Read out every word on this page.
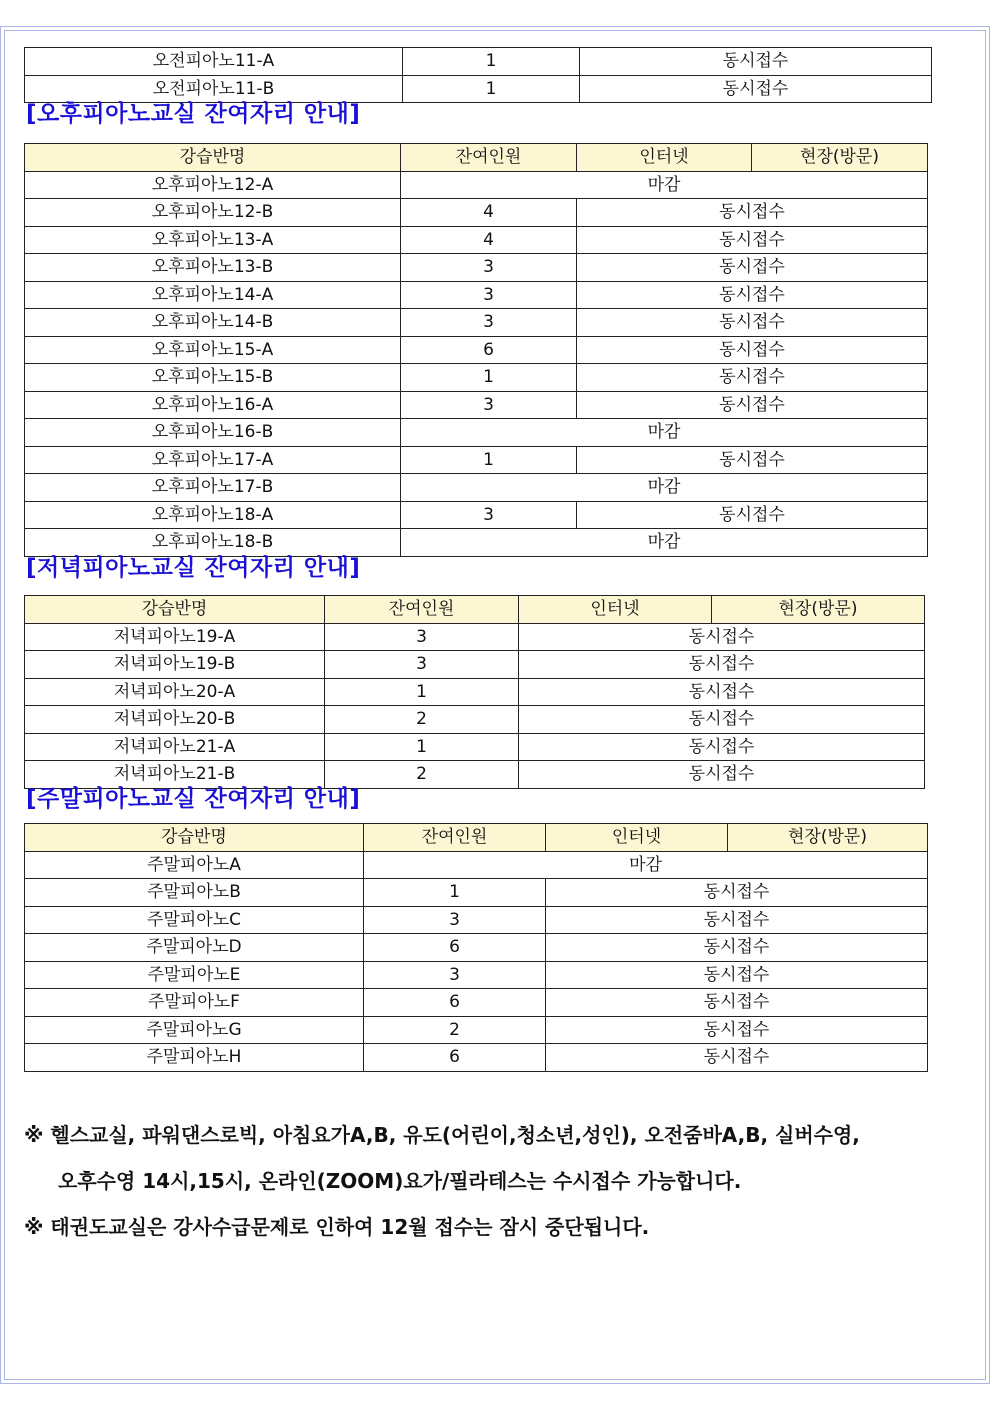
오전피아노11-A	1	동시접수
오전피아노11-B	1	동시접수
[오후피아노교실 잔여자리 안내]
강습반명	잔여인원	인터넷	현장(방문)
오후피아노12-A	마감		
오후피아노12-B	4	동시접수	
오후피아노13-A	4	동시접수	
오후피아노13-B	3	동시접수	
오후피아노14-A	3	동시접수	
오후피아노14-B	3	동시접수	
오후피아노15-A	6	동시접수	
오후피아노15-B	1	동시접수	
오후피아노16-A	3	동시접수	
오후피아노16-B	마감		
오후피아노17-A	1	동시접수	
오후피아노17-B	마감		
오후피아노18-A	3	동시접수	
오후피아노18-B	마감		
[저녁피아노교실 잔여자리 안내]
강습반명	잔여인원	인터넷	현장(방문)
저녁피아노19-A	3	동시접수	
저녁피아노19-B	3	동시접수	
저녁피아노20-A	1	동시접수	
저녁피아노20-B	2	동시접수	
저녁피아노21-A	1	동시접수	
저녁피아노21-B	2	동시접수	
[주말피아노교실 잔여자리 안내]
강습반명	잔여인원	인터넷	현장(방문)
주말피아노A	마감		
주말피아노B	1	동시접수	
주말피아노C	3	동시접수	
주말피아노D	6	동시접수	
주말피아노E	3	동시접수	
주말피아노F	6	동시접수	
주말피아노G	2	동시접수	
주말피아노H	6	동시접수	
※ 헬스교실, 파워댄스로빅, 아침요가A,B, 유도(어린이,청소년,성인), 오전줌바A,B, 실버수영,
오후수영 14시,15시, 온라인(ZOOM)요가/필라테스는 수시접수 가능합니다.
※ 태권도교실은 강사수급문제로 인하여 12월 접수는 잠시 중단됩니다.
